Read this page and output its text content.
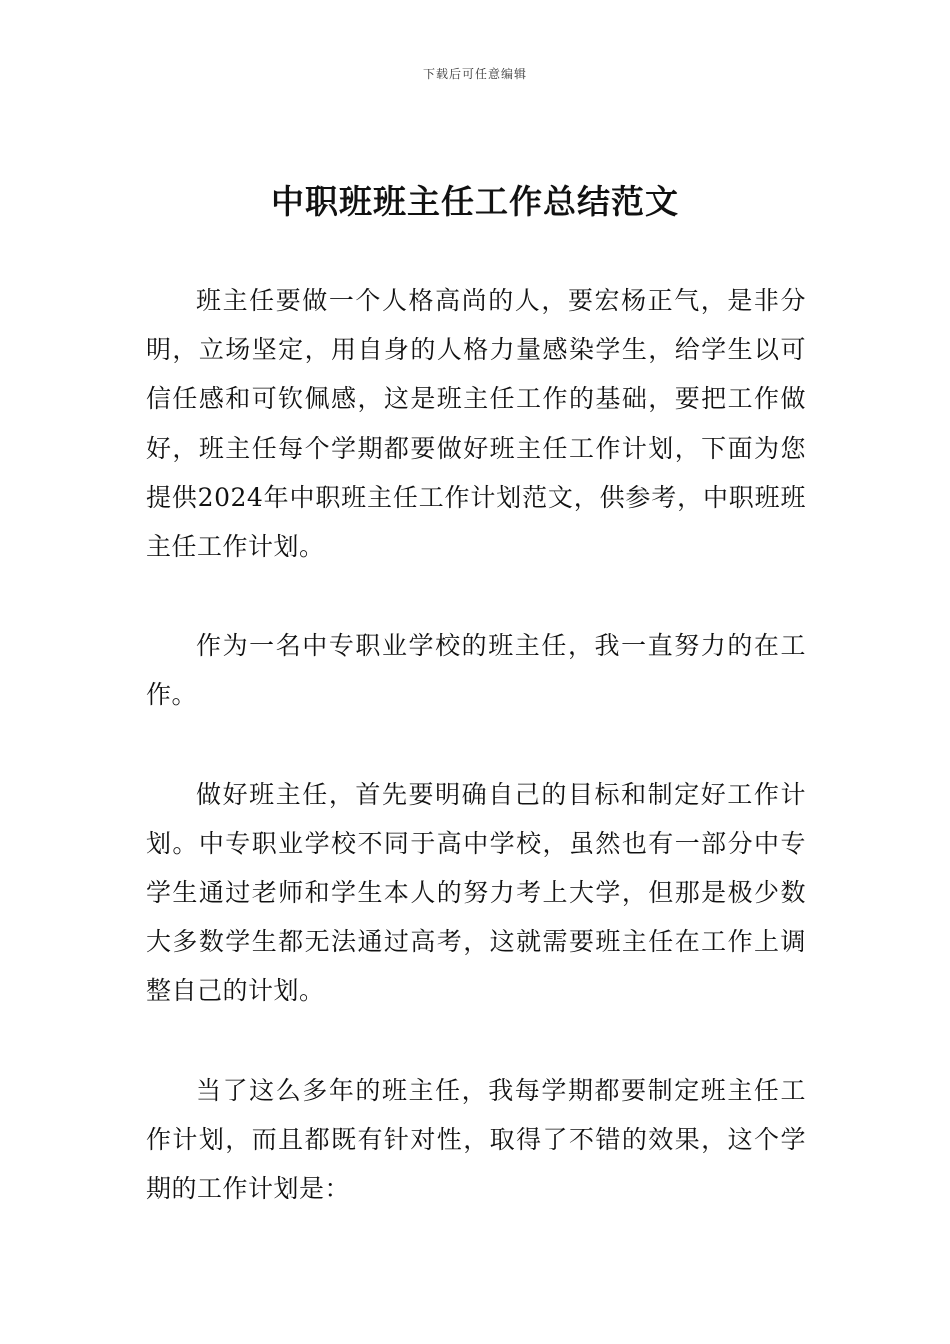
下载后可任意编辑
中职班班主任工作总结范文

班主任要做一个人格高尚的人，要宏杨正气，是非分明，立场坚定，用自身的人格力量感染学生，给学生以可信任感和可钦佩感，这是班主任工作的基础，要把工作做好，班主任每个学期都要做好班主任工作计划，下面为您提供2024年中职班主任工作计划范文，供参考，中职班班主任工作计划。

作为一名中专职业学校的班主任，我一直努力的在工作。

做好班主任，首先要明确自己的目标和制定好工作计划。中专职业学校不同于高中学校，虽然也有一部分中专学生通过老师和学生本人的努力考上大学，但那是极少数大多数学生都无法通过高考，这就需要班主任在工作上调整自己的计划。

当了这么多年的班主任，我每学期都要制定班主任工作计划，而且都既有针对性，取得了不错的效果，这个学期的工作计划是：
